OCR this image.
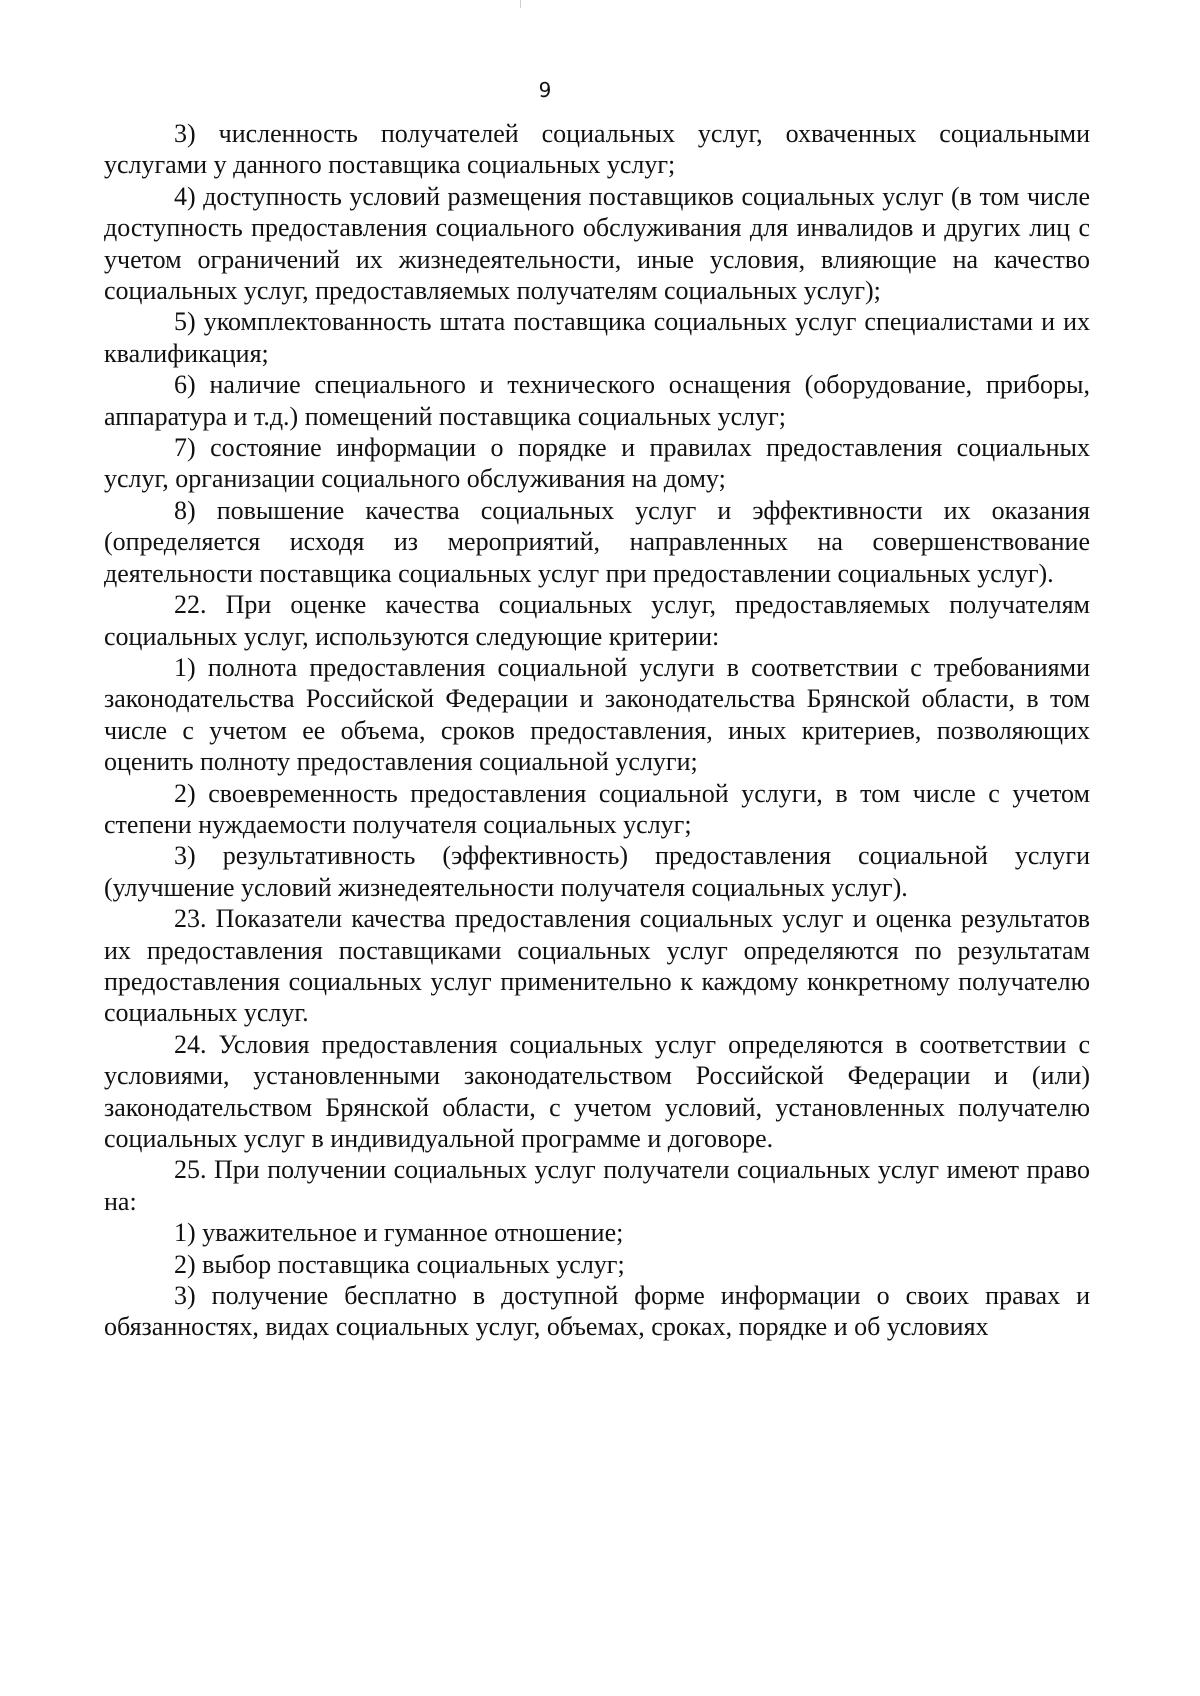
9

3) численность получателей социальных услуг, охваченных социальными услугами у данного поставщика социальных услуг;

4) доступность условий размещения поставщиков социальных услуг (в том числе доступность предоставления социального обслуживания для инвалидов и других лиц с учетом ограничений их жизнедеятельности, иные условия, влияющие на качество социальных услуг, предоставляемых получателям социальных услуг);

5) укомплектованность штата поставщика социальных услуг специалистами и их квалификация;

6) наличие специального и технического оснащения (оборудование, приборы, аппаратура и т.д.) помещений поставщика социальных услуг;

7) состояние информации о порядке и правилах предоставления социальных услуг, организации социального обслуживания на дому;

8) повышение качества социальных услуг и эффективности их оказания (определяется исходя из мероприятий, направленных на совершенствование деятельности поставщика социальных услуг при предоставлении социальных услуг).

22. При оценке качества социальных услуг, предоставляемых получателям социальных услуг, используются следующие критерии:

1) полнота предоставления социальной услуги в соответствии с требованиями законодательства Российской Федерации и законодательства Брянской области, в том числе с учетом ее объема, сроков предоставления, иных критериев, позволяющих оценить полноту предоставления социальной услуги;

2) своевременность предоставления социальной услуги, в том числе с учетом степени нуждаемости получателя социальных услуг;

3) результативность (эффективность) предоставления социальной услуги (улучшение условий жизнедеятельности получателя социальных услуг).

23. Показатели качества предоставления социальных услуг и оценка результатов их предоставления поставщиками социальных услуг определяются по результатам предоставления социальных услуг применительно к каждому конкретному получателю социальных услуг.

24. Условия предоставления социальных услуг определяются в соответствии с условиями, установленными законодательством Российской Федерации и (или) законодательством Брянской области, с учетом условий, установленных получателю социальных услуг в индивидуальной программе и договоре.

25. При получении социальных услуг получатели социальных услуг имеют право на:

1) уважительное и гуманное отношение;

2) выбор поставщика социальных услуг;

3) получение бесплатно в доступной форме информации о своих правах и обязанностях, видах социальных услуг, объемах, сроках, порядке и об условиях
